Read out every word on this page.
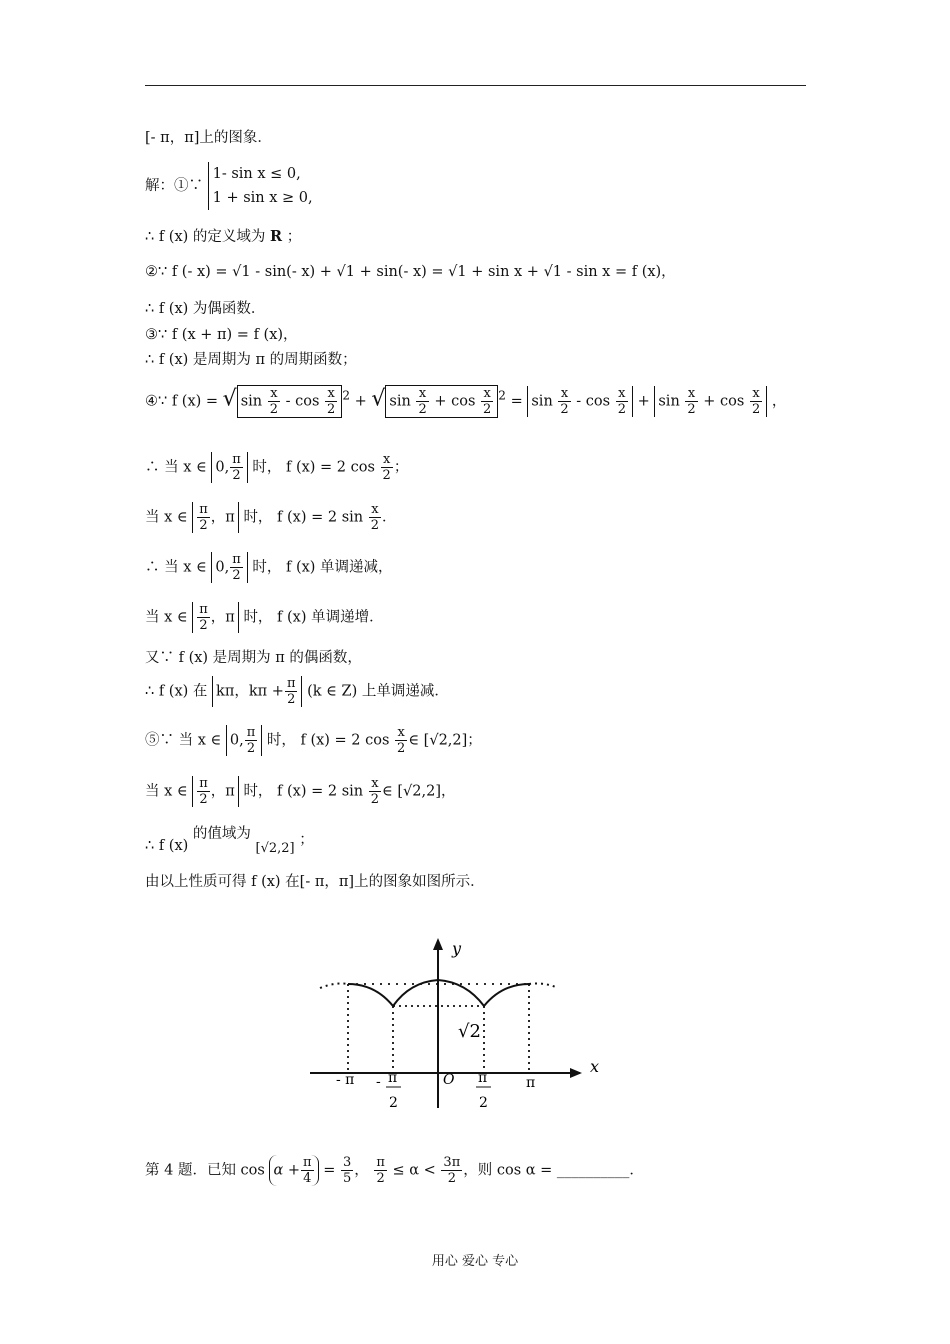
[- π，π]上的图象．
解：①∵
1- sin x ≤ 0,
1 + sin x ≥ 0,
∴ f (x) 的定义域为 R ；
②∵ f (- x) = √1 - sin(- x) + √1 + sin(- x) = √1 + sin x + √1 - sin x = f (x)，
∴ f (x) 为偶函数．
③∵ f (x + π) = f (x)，
∴ f (x) 是周期为 π 的周期函数；
④∵ f (x) = √ $\sin \frac{x}{2}$ - $\cos \frac{x}{2} ^2$ + √ $\sin \frac{x}{2} + \cos \frac{x}{2} ^2 = \sin \frac{x}{2} - \cos \frac{x}{2} + \sin \frac{x}{2} + \cos \frac{x}{2}$ ，
∴ 当 x ∈ 0, $\frac{\pi}{2}$ 时， f (x) = 2 $\cos \frac{x}{2}$ ；
当 x ∈ $\frac{\pi}{2}$ ，π 时， f (x) = 2 $\sin \frac{x}{2}$ ．
∴ 当 x ∈ 0, $\frac{\pi}{2}$ 时， f (x) 单调递减，
当 x ∈ $\frac{\pi}{2}$ ，π 时， f (x) 单调递增．
又∵ f (x) 是周期为 π 的偶函数，
∴ f (x) 在 kπ，$k\pi + \frac{\pi}{2} (k$ ∈ Z) 上单调递减．
⑤∵ 当 x ∈ 0, $\frac{\pi}{2}$ 时， f (x) = 2 $\cos \frac{x}{2}$ ∈ [√2,2]；
当 x ∈ $\frac{\pi}{2}$ ，π 时， f (x) = 2 $\sin \frac{x}{2}$ ∈ [√2,2]，
∴ f (x) 的值域为 [√2,2] ；
由以上性质可得 f (x) 在[- π，π]上的图象如图所示．
y
x
O
- π	π
- π
2
π
2
√2
第 4 题．已知 $\cos \alpha + \frac{\pi}{4} = \frac{3}{5}$ ， $\frac{\pi}{2} \le \alpha < \frac{3\pi}{2}$ ，则 cos α = __________．
用心 爱心 专心
